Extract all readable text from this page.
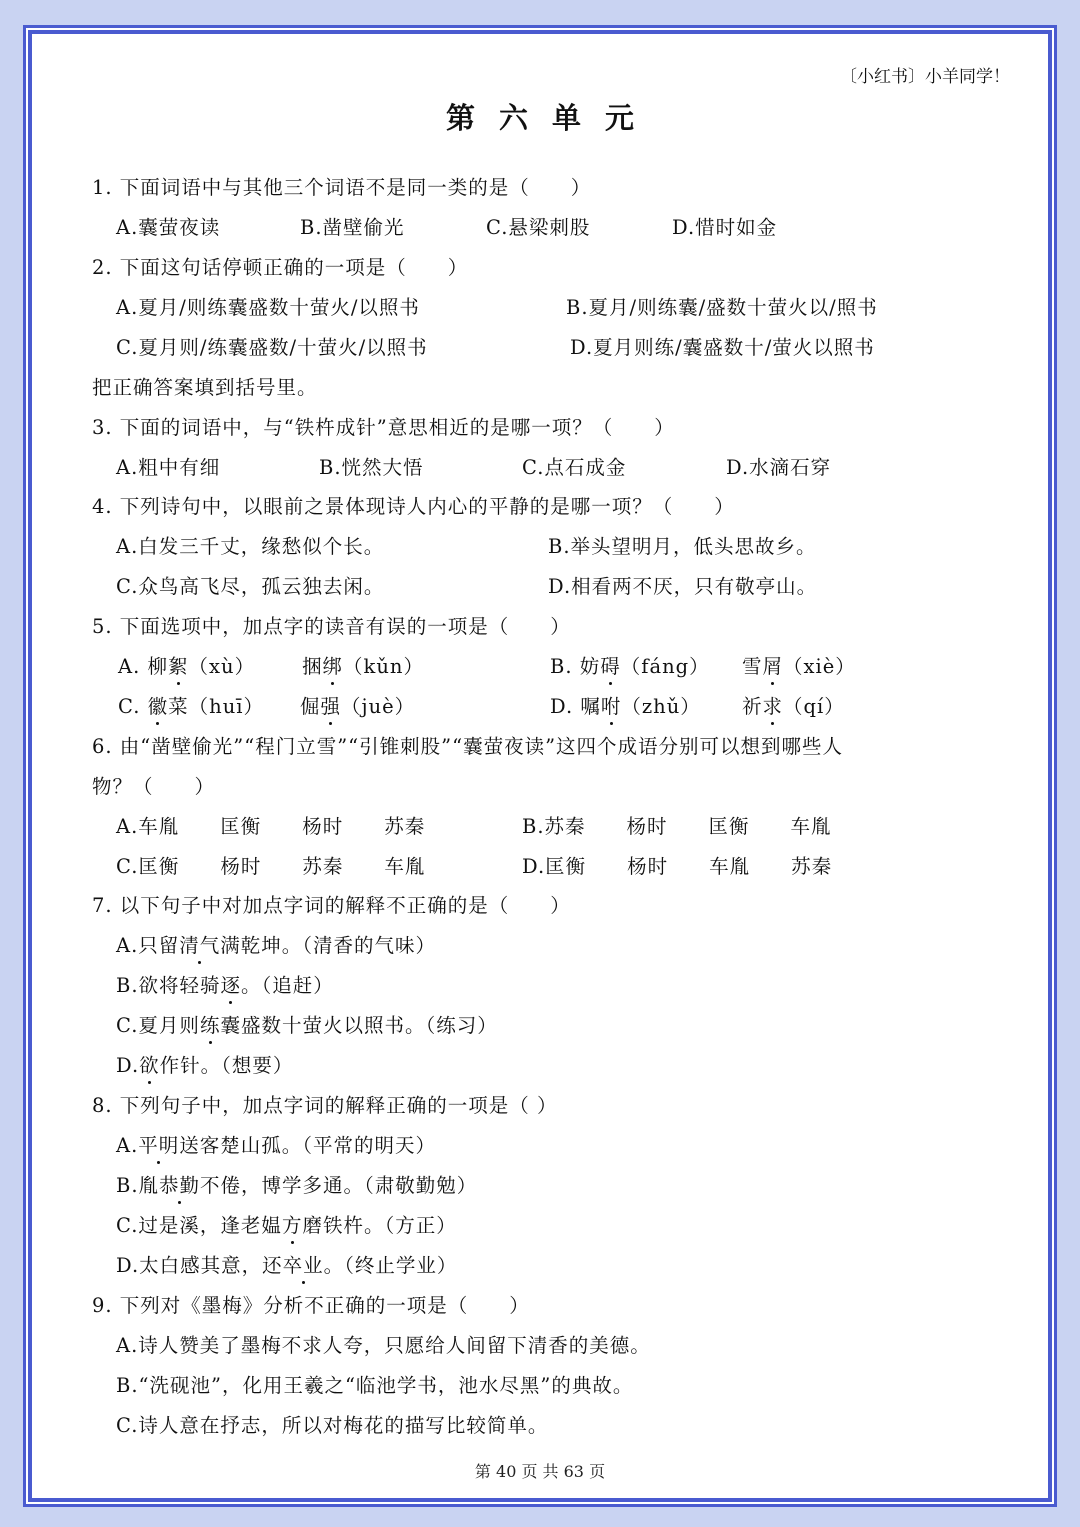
〔小红书〕小羊同学！
第六单元
1. 下面词语中与其他三个词语不是同一类的是（　　）
A.囊萤夜读	B.凿壁偷光	C.悬梁刺股	D.惜时如金
2. 下面这句话停顿正确的一项是（　　）
A.夏月/则练囊盛数十萤火/以照书	B.夏月/则练囊/盛数十萤火以/照书
C.夏月则/练囊盛数/十萤火/以照书	D.夏月则练/囊盛数十/萤火以照书
把正确答案填到括号里。
3. 下面的词语中，与“铁杵成针”意思相近的是哪一项？（　　）
A.粗中有细	B.恍然大悟	C.点石成金	D.水滴石穿
4. 下列诗句中，以眼前之景体现诗人内心的平静的是哪一项？（　　）
A.白发三千丈，缘愁似个长。	B.举头望明月，低头思故乡。
C.众鸟高飞尽，孤云独去闲。	D.相看两不厌，只有敬亭山。
5. 下面选项中，加点字的读音有误的一项是（　　）
A. 柳絮（xù） 捆绑（kǔn）	B. 妨碍（fáng） 雪屑（xiè）
C. 徽菜（huī） 倔强（juè）	D. 嘱咐（zhǔ） 祈求（qí）
6. 由“凿壁偷光”“程门立雪”“引锥刺股”“囊萤夜读”这四个成语分别可以想到哪些人
物？（　　）
A.车胤　　匡衡　　杨时　　苏秦	B.苏秦　　杨时　　匡衡　　车胤
C.匡衡　　杨时　　苏秦　　车胤	D.匡衡　　杨时　　车胤　　苏秦
7. 以下句子中对加点字词的解释不正确的是（　　）
A.只留清气满乾坤。（清香的气味）
B.欲将轻骑逐。（追赶）
C.夏月则练囊盛数十萤火以照书。（练习）
D.欲作针。（想要）
8. 下列句子中，加点字词的解释正确的一项是（ ）
A.平明送客楚山孤。（平常的明天）
B.胤恭勤不倦，博学多通。（肃敬勤勉）
C.过是溪，逢老媪方磨铁杵。（方正）
D.太白感其意，还卒业。（终止学业）
9. 下列对《墨梅》分析不正确的一项是（　　）
A.诗人赞美了墨梅不求人夸，只愿给人间留下清香的美德。
B.“洗砚池”，化用王羲之“临池学书，池水尽黑”的典故。
C.诗人意在抒志，所以对梅花的描写比较简单。
第 40 页 共 63 页
